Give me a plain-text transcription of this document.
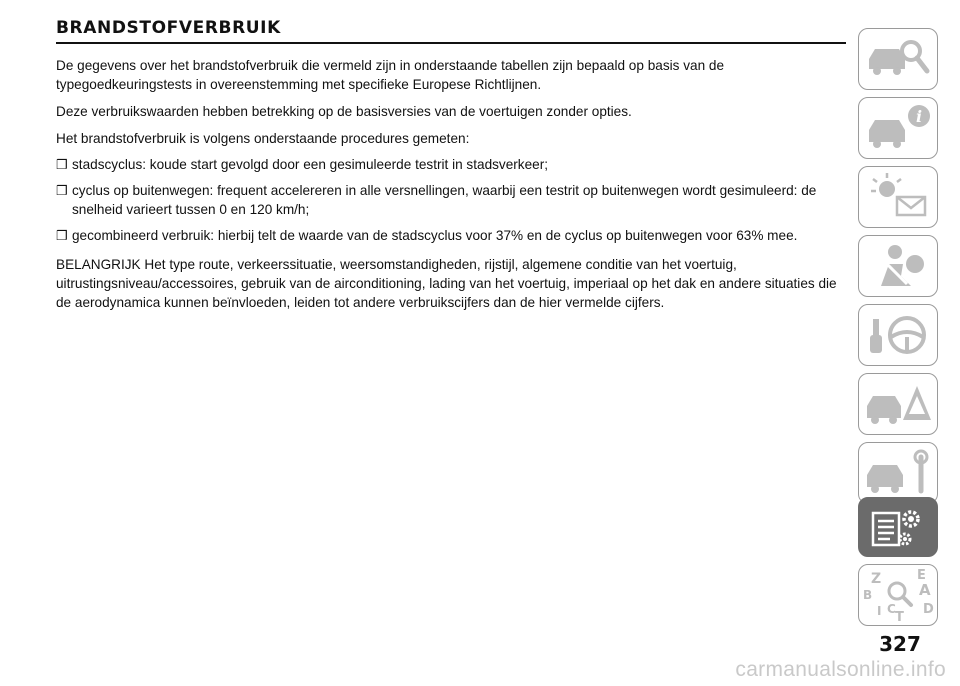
BRANDSTOFVERBRUIK

De gegevens over het brandstofverbruik die vermeld zijn in onderstaande tabellen zijn bepaald op basis van de typegoedkeuringstests in overeenstemming met specifieke Europese Richtlijnen.

Deze verbruikswaarden hebben betrekking op de basisversies van de voertuigen zonder opties.

Het brandstofverbruik is volgens onderstaande procedures gemeten:

❒ stadscyclus: koude start gevolgd door een gesimuleerde testrit in stadsverkeer;
❒ cyclus op buitenwegen: frequent accelereren in alle versnellingen, waarbij een testrit op buitenwegen wordt gesimuleerd: de snelheid varieert tussen 0 en 120 km/h;
❒ gecombineerd verbruik: hierbij telt de waarde van de stadscyclus voor 37% en de cyclus op buitenwegen voor 63% mee.

BELANGRIJK Het type route, verkeerssituatie, weersomstandigheden, rijstijl, algemene conditie van het voertuig, uitrustingsniveau/accessoires, gebruik van de airconditioning, lading van het voertuig, imperiaal op het dak en andere situaties die de aerodynamica kunnen beïnvloeden, leiden tot andere verbruikscijfers dan de hier vermelde cijfers.

i
Z	E
A
B
C D
T
I
327
carmanualsonline.info
